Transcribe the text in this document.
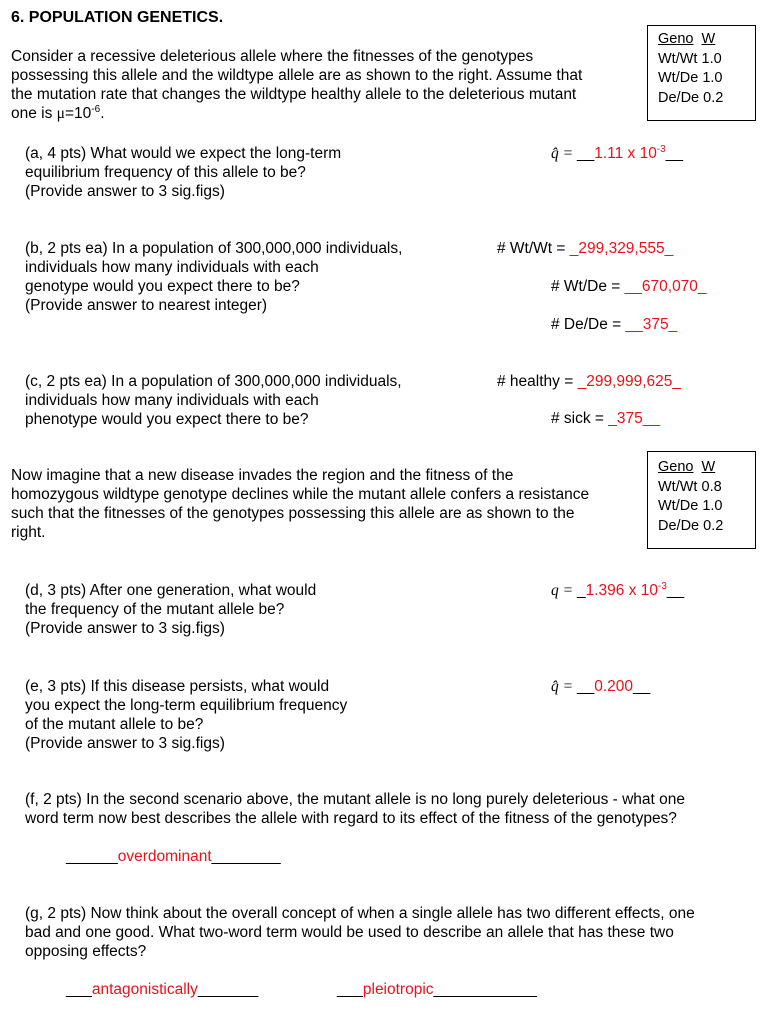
6. POPULATION GENETICS.
Consider a recessive deleterious allele where the fitnesses of the genotypes
possessing this allele and the wildtype allele are as shown to the right. Assume that
the mutation rate that changes the wildtype healthy allele to the deleterious mutant
one is $\mu=10^{-6}$.
Geno W
Wt/Wt 1.0
Wt/De 1.0
De/De 0.2
(a, 4 pts) What would we expect the long-term
equilibrium frequency of this allele to be?
(Provide answer to 3 sig.figs)
q̂ = __1.11 x $10^{-3}\_\_$
(b, 2 pts ea) In a population of 300,000,000 individuals,
individuals how many individuals with each
genotype would you expect there to be?
(Provide answer to nearest integer)
# Wt/Wt = _299,329,555_
# Wt/De = __670,070_
# De/De = __375_
(c, 2 pts ea) In a population of 300,000,000 individuals,
individuals how many individuals with each
phenotype would you expect there to be?
# healthy = _299,999,625_
# sick = _375__
Now imagine that a new disease invades the region and the fitness of the
homozygous wildtype genotype declines while the mutant allele confers a resistance
such that the fitnesses of the genotypes possessing this allele are as shown to the
right.
Geno W
Wt/Wt 0.8
Wt/De 1.0
De/De 0.2
(d, 3 pts) After one generation, what would
the frequency of the mutant allele be?
(Provide answer to 3 sig.figs)
q = _1.396 x $10^{-3}\_\_$
(e, 3 pts) If this disease persists, what would
you expect the long-term equilibrium frequency
of the mutant allele to be?
(Provide answer to 3 sig.figs)
q̂ = __0.200__
(f, 2 pts) In the second scenario above, the mutant allele is no long purely deleterious - what one
word term now best describes the allele with regard to its effect of the fitness of the genotypes?
______overdominant________
(g, 2 pts) Now think about the overall concept of when a single allele has two different effects, one
bad and one good. What two-word term would be used to describe an allele that has these two
opposing effects?
___antagonistically_______	___pleiotropic____________
